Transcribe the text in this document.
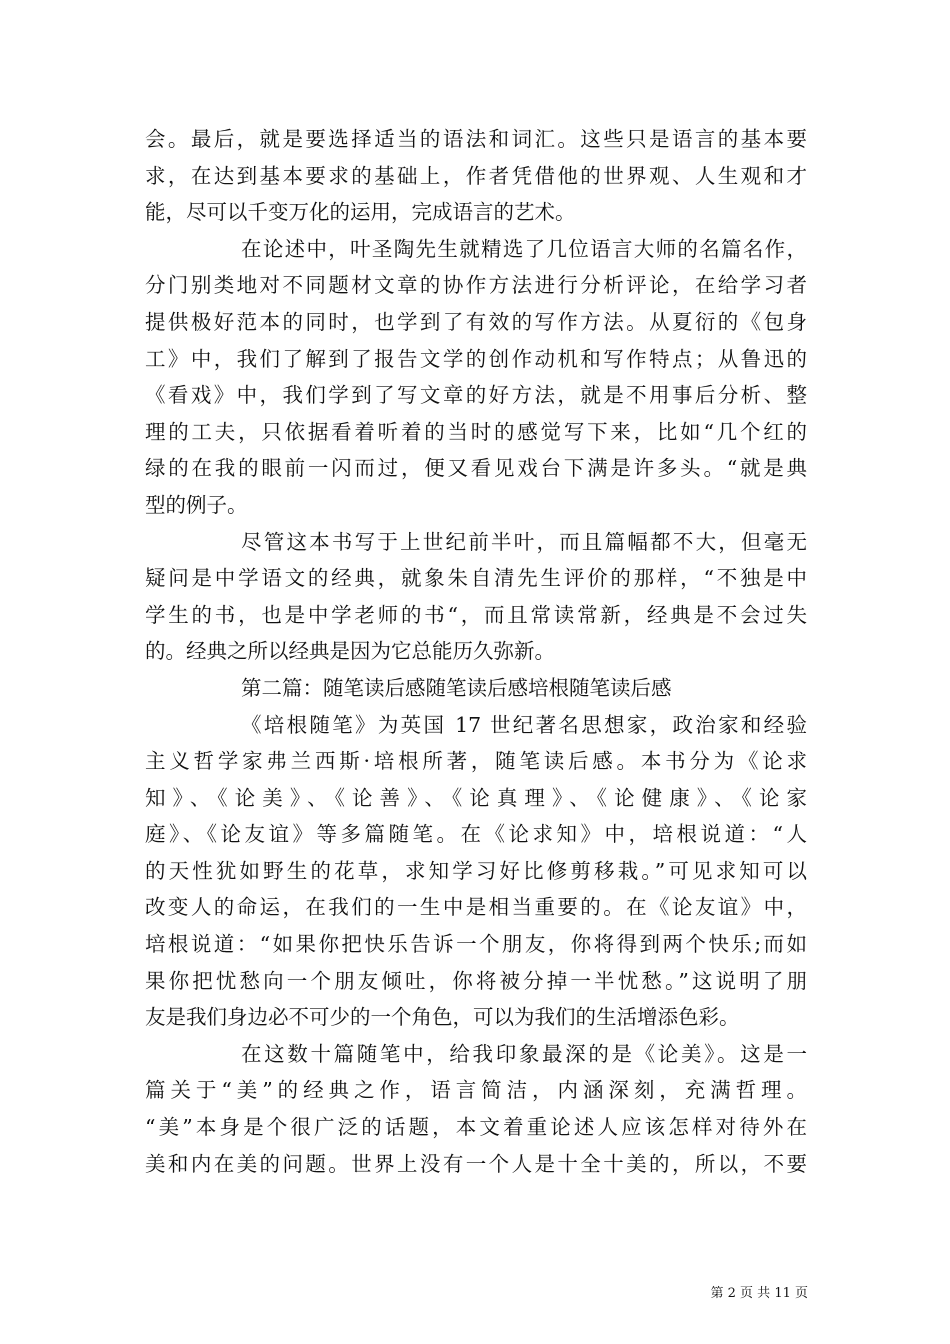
会。最后，就是要选择适当的语法和词汇。这些只是语言的基本要
求，在达到基本要求的基础上，作者凭借他的世界观、人生观和才
能，尽可以千变万化的运用，完成语言的艺术。
在论述中，叶圣陶先生就精选了几位语言大师的名篇名作，
分门别类地对不同题材文章的协作方法进行分析评论，在给学习者
提供极好范本的同时，也学到了有效的写作方法。从夏衍的《包身
工》中，我们了解到了报告文学的创作动机和写作特点；从鲁迅的
《看戏》中，我们学到了写文章的好方法，就是不用事后分析、整
理的工夫，只依据看着听着的当时的感觉写下来，比如“几个红的
绿的在我的眼前一闪而过，便又看见戏台下满是许多头。“就是典
型的例子。
尽管这本书写于上世纪前半叶，而且篇幅都不大，但毫无
疑问是中学语文的经典，就象朱自清先生评价的那样，“不独是中
学生的书，也是中学老师的书“，而且常读常新，经典是不会过失
的。经典之所以经典是因为它总能历久弥新。
第二篇：随笔读后感随笔读后感培根随笔读后感
《培根随笔》为英国 17 世纪著名思想家，政治家和经验
主义哲学家弗兰西斯·培根所著，随笔读后感。本书分为《论求
知》、《论美》、《论善》、《论真理》、《论健康》、《论家
庭》、《论友谊》等多篇随笔。在《论求知》中，培根说道：“人
的天性犹如野生的花草，求知学习好比修剪移栽。”可见求知可以
改变人的命运，在我们的一生中是相当重要的。在《论友谊》中，
培根说道：“如果你把快乐告诉一个朋友，你将得到两个快乐;而如
果你把忧愁向一个朋友倾吐，你将被分掉一半忧愁。”这说明了朋
友是我们身边必不可少的一个角色，可以为我们的生活增添色彩。
在这数十篇随笔中，给我印象最深的是《论美》。这是一
篇关于“美”的经典之作，语言简洁，内涵深刻，充满哲理。
“美”本身是个很广泛的话题，本文着重论述人应该怎样对待外在
美和内在美的问题。世界上没有一个人是十全十美的，所以，不要
第 2 页 共 11 页
